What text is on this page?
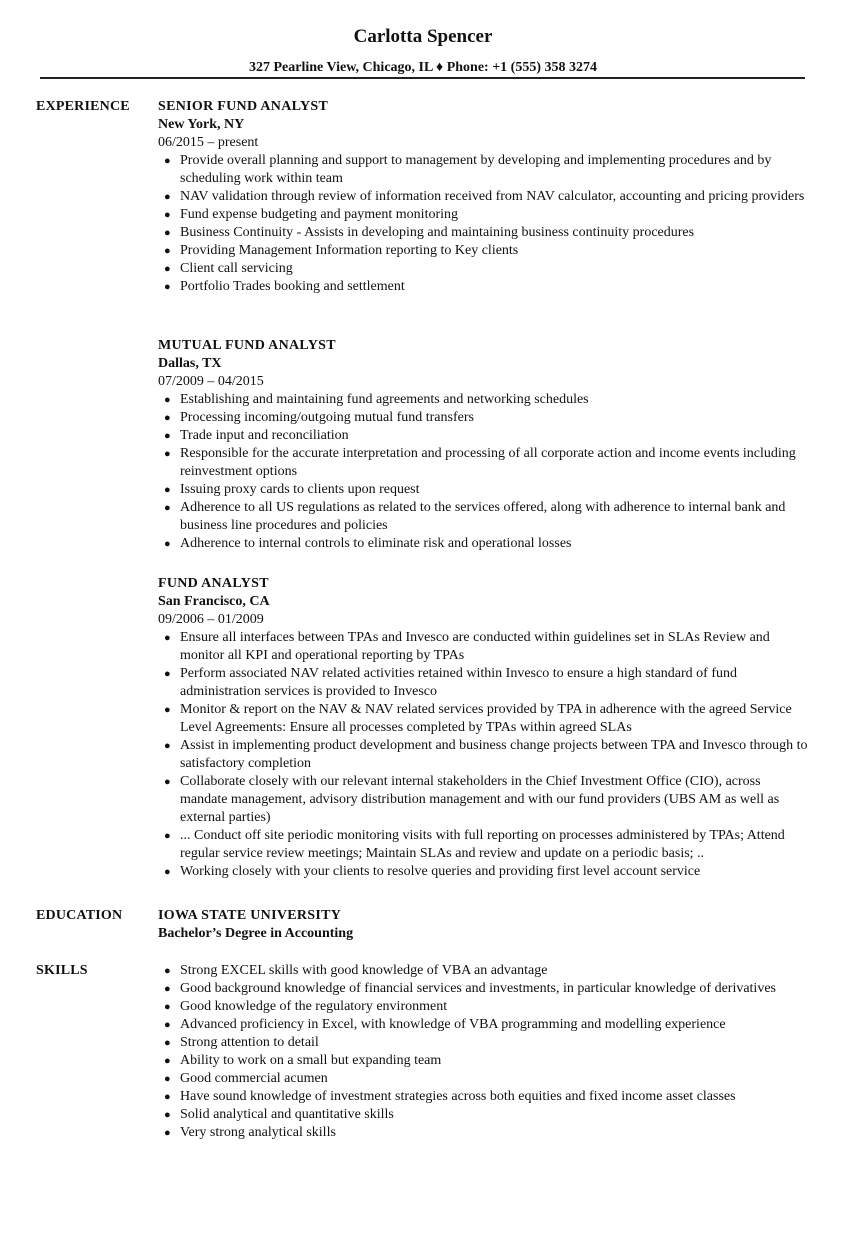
Carlotta Spencer
327 Pearline View, Chicago, IL ♦ Phone: +1 (555) 358 3274
EXPERIENCE SENIOR FUND ANALYST
New York, NY
06/2015 – present
● Provide overall planning and support to management by developing and implementing procedures and by scheduling work within team
● NAV validation through review of information received from NAV calculator, accounting and pricing providers
● Fund expense budgeting and payment monitoring
● Business Continuity - Assists in developing and maintaining business continuity procedures
● Providing Management Information reporting to Key clients
● Client call servicing
● Portfolio Trades booking and settlement
MUTUAL FUND ANALYST
Dallas, TX
07/2009 – 04/2015
● Establishing and maintaining fund agreements and networking schedules
● Processing incoming/outgoing mutual fund transfers
● Trade input and reconciliation
● Responsible for the accurate interpretation and processing of all corporate action and income events including reinvestment options
● Issuing proxy cards to clients upon request
● Adherence to all US regulations as related to the services offered, along with adherence to internal bank and business line procedures and policies
● Adherence to internal controls to eliminate risk and operational losses
FUND ANALYST
San Francisco, CA
09/2006 – 01/2009
● Ensure all interfaces between TPAs and Invesco are conducted within guidelines set in SLAs Review and monitor all KPI and operational reporting by TPAs
● Perform associated NAV related activities retained within Invesco to ensure a high standard of fund administration services is provided to Invesco
● Monitor & report on the NAV & NAV related services provided by TPA in adherence with the agreed Service Level Agreements: Ensure all processes completed by TPAs within agreed SLAs
● Assist in implementing product development and business change projects between TPA and Invesco through to satisfactory completion
● Collaborate closely with our relevant internal stakeholders in the Chief Investment Office (CIO), across mandate management, advisory distribution management and with our fund providers (UBS AM as well as external parties)
● ... Conduct off site periodic monitoring visits with full reporting on processes administered by TPAs; Attend regular service review meetings; Maintain SLAs and review and update on a periodic basis; ..
● Working closely with your clients to resolve queries and providing first level account service
EDUCATION	IOWA STATE UNIVERSITY
Bachelor’s Degree in Accounting
SKILLS	● Strong EXCEL skills with good knowledge of VBA an advantage
● Good background knowledge of financial services and investments, in particular knowledge of derivatives
● Good knowledge of the regulatory environment
● Advanced proficiency in Excel, with knowledge of VBA programming and modelling experience
● Strong attention to detail
● Ability to work on a small but expanding team
● Good commercial acumen
● Have sound knowledge of investment strategies across both equities and fixed income asset classes
● Solid analytical and quantitative skills
● Very strong analytical skills
